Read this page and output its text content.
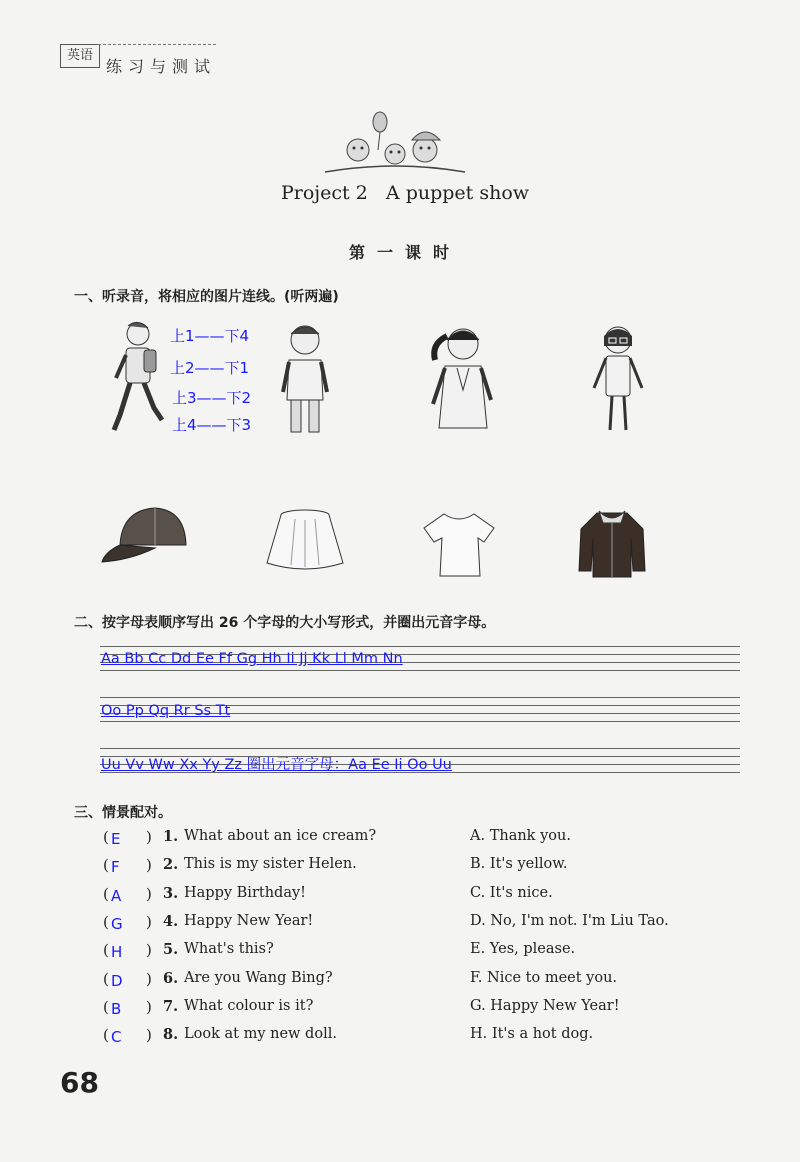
英语
练习与测试
Project 2   A puppet show
第一课时
一、听录音，将相应的图片连线。(听两遍)
上1——下4
上2——下1
上3——下2
上4——下3
二、按字母表顺序写出 26 个字母的大小写形式，并圈出元音字母。
Aa Bb Cc Dd Ee Ff Gg Hh Ii Jj Kk Ll Mm Nn
Oo Pp Qq Rr Ss Tt
Uu Vv Ww Xx Yy Zz 圈出元音字母：Aa Ee Ii Oo Uu
三、情景配对。
( E ) 1. What about an ice cream?	A. Thank you.
( F ) 2. This is my sister Helen.	B. It's yellow.
( A ) 3. Happy Birthday!	C. It's nice.
( G ) 4. Happy New Year!	D. No, I'm not. I'm Liu Tao.
( H ) 5. What's this?	E. Yes, please.
( D ) 6. Are you Wang Bing?	F. Nice to meet you.
( B ) 7. What colour is it?	G. Happy New Year!
( C ) 8. Look at my new doll.	H. It's a hot dog.
68
